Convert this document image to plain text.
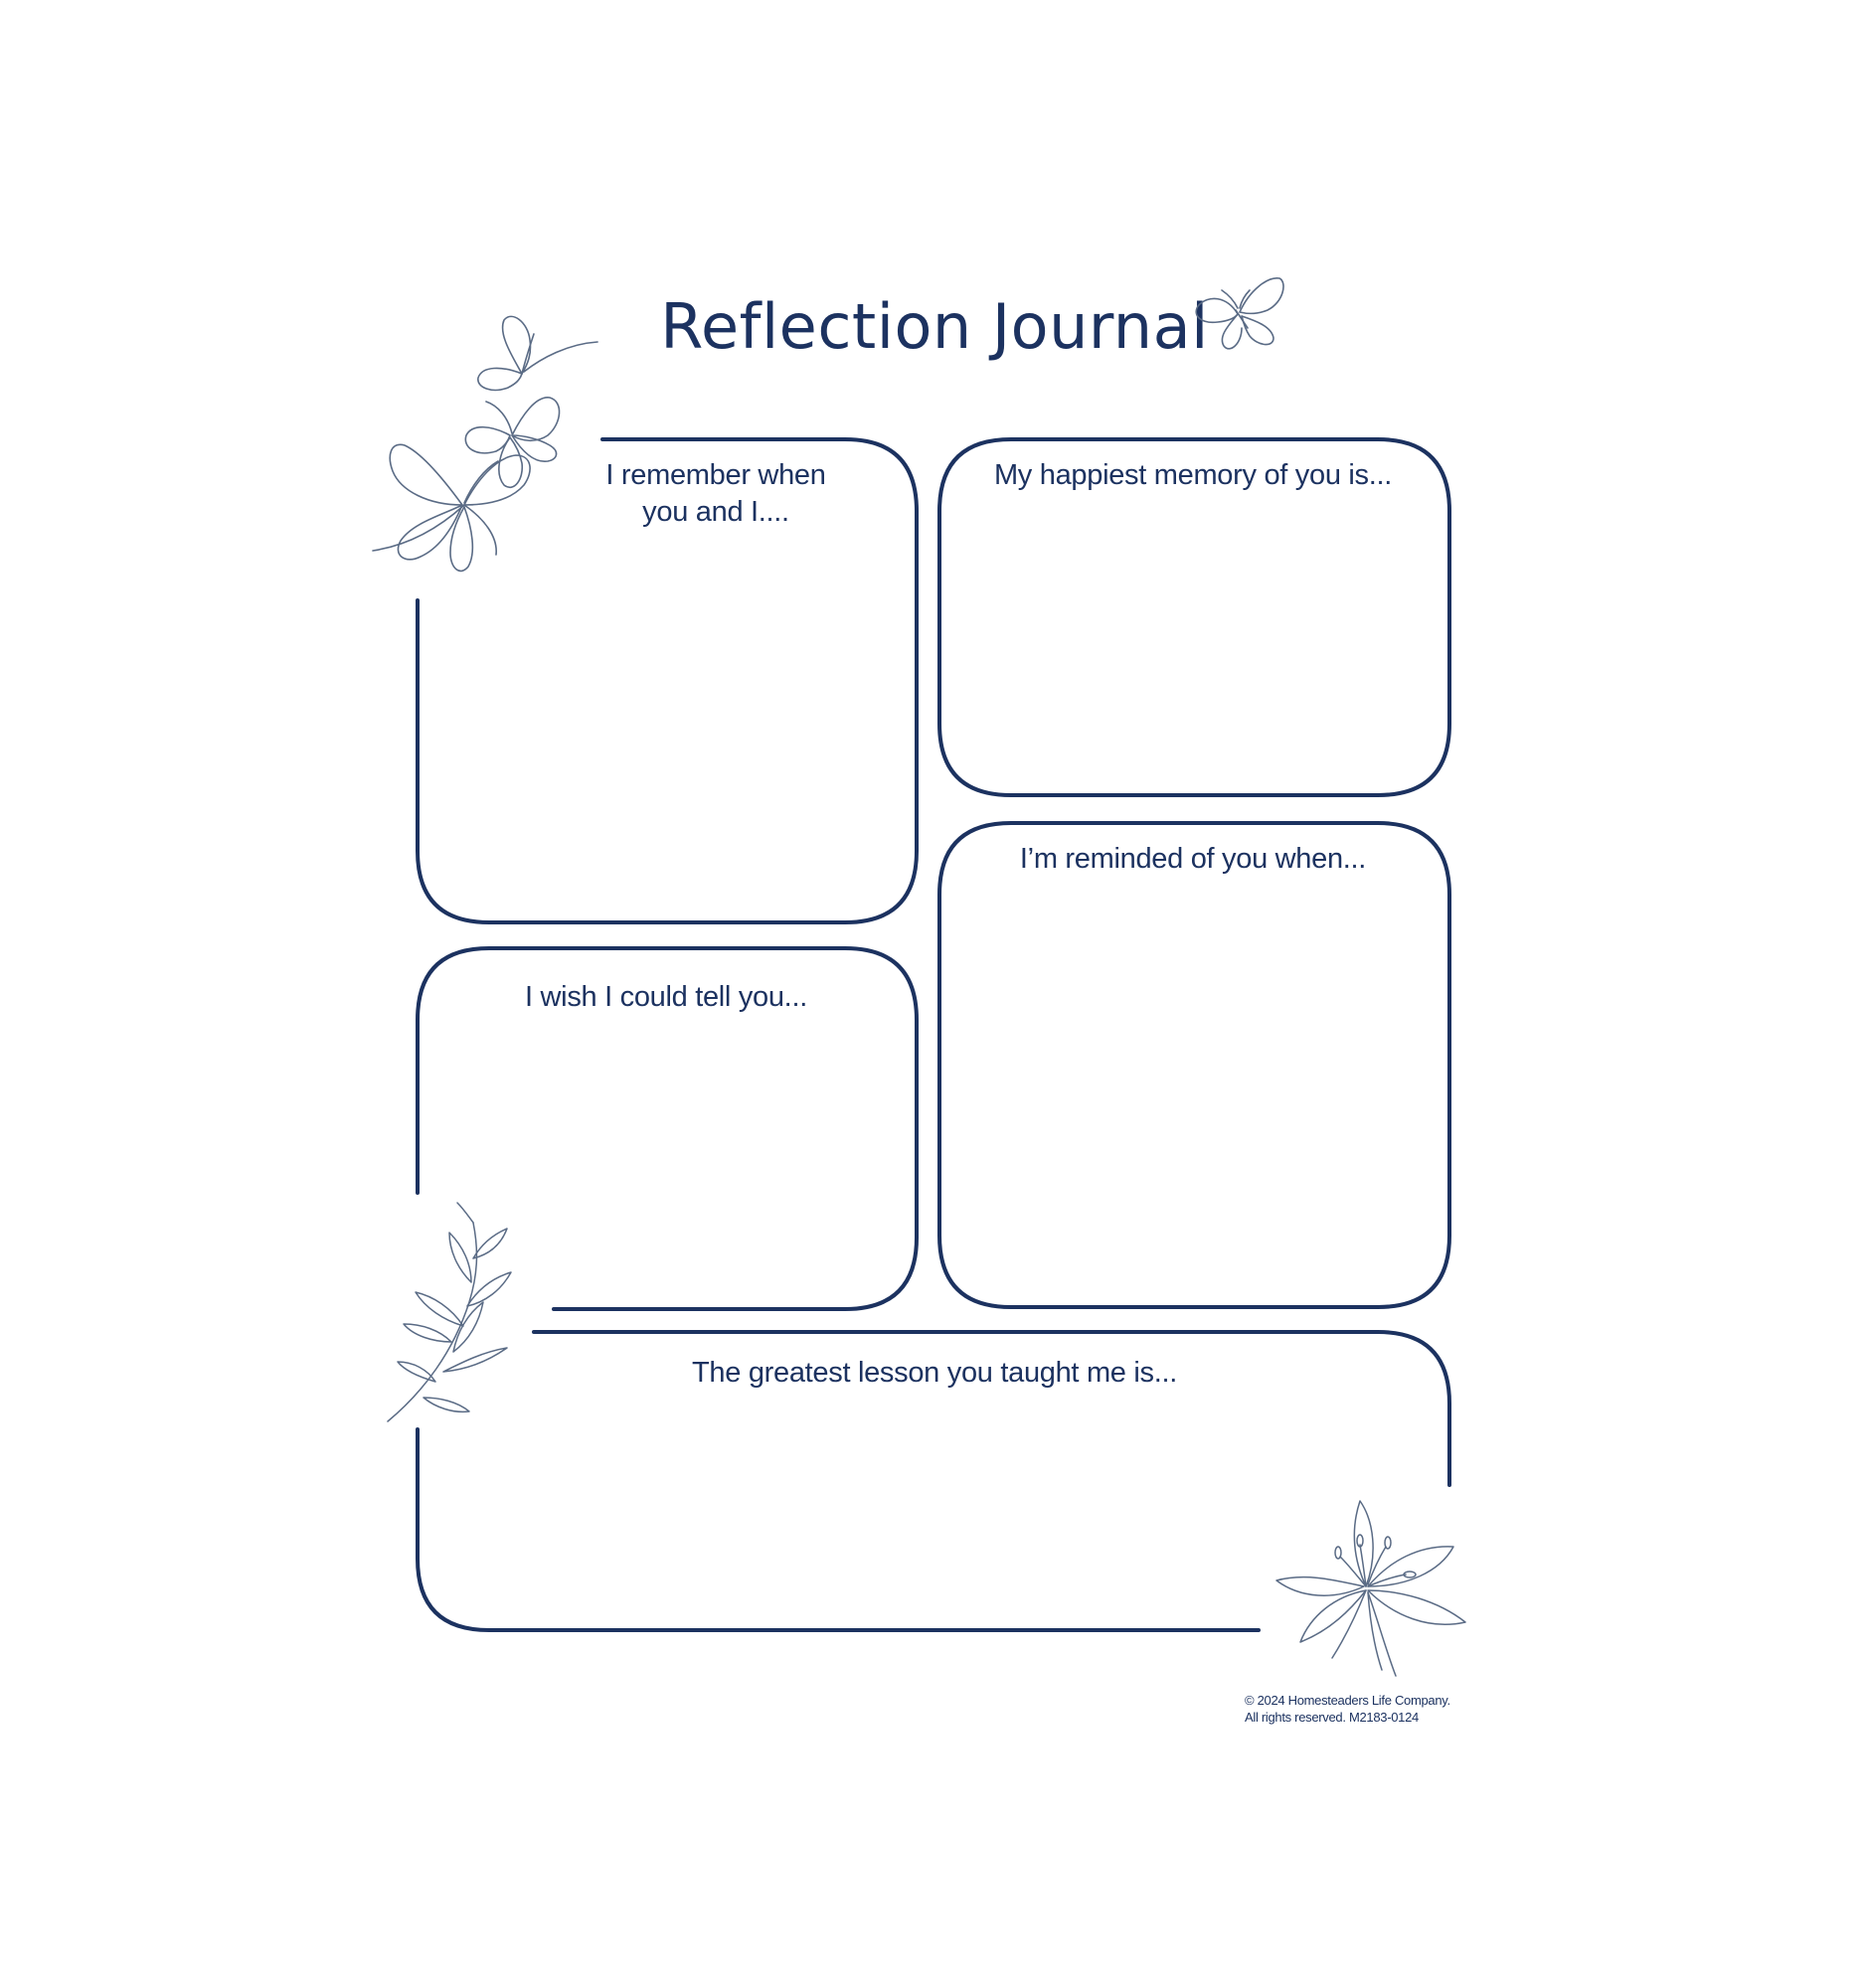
Reflection Journal
I remember when
you and I....
My happiest memory of you is...
I’m reminded of you when...
I wish I could tell you...
The greatest lesson you taught me is...
© 2024 Homesteaders Life Company.
All rights reserved. M2183-0124
